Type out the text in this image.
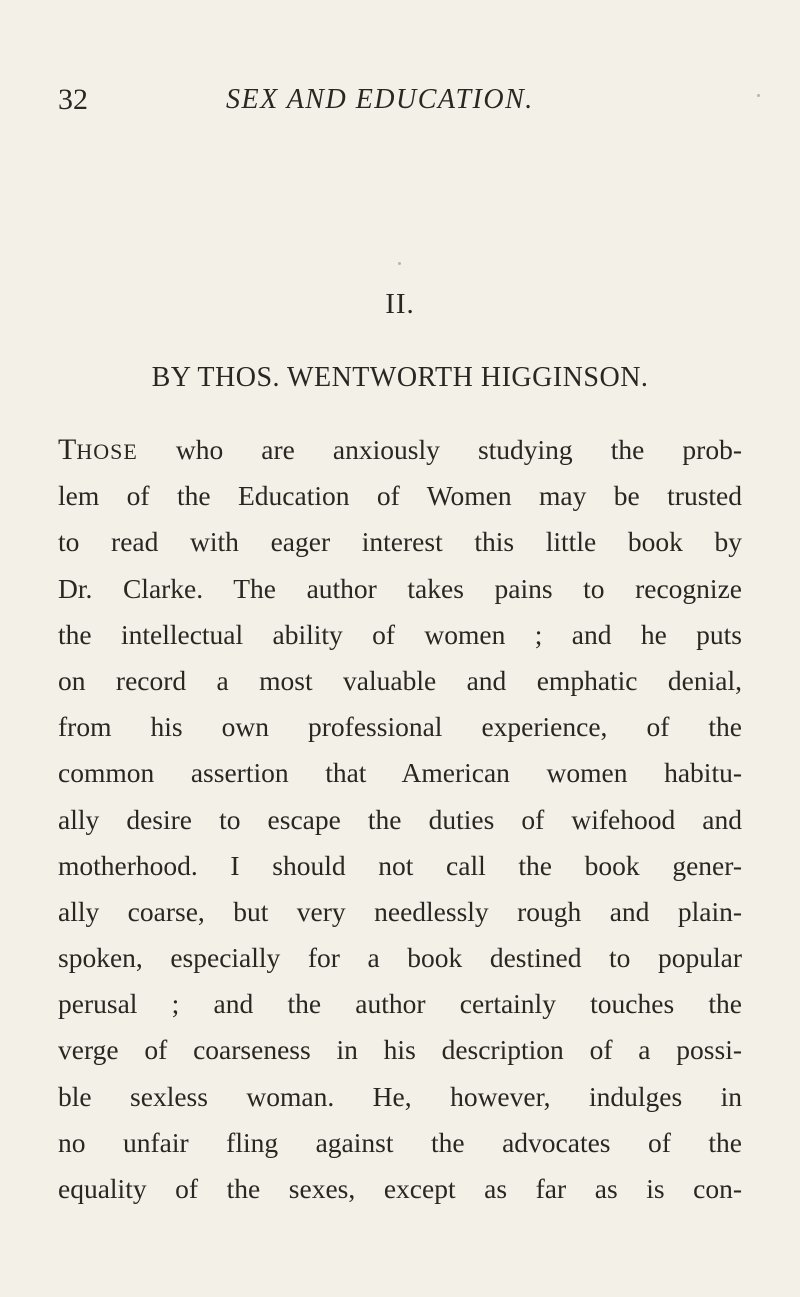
32	SEX AND EDUCATION.
II.
BY THOS. WENTWORTH HIGGINSON.
THOSE who are anxiously studying the prob-
lem of the Education of Women may be trusted
to read with eager interest this little book by
Dr. Clarke. The author takes pains to recognize
the intellectual ability of women ; and he puts
on record a most valuable and emphatic denial,
from his own professional experience, of the
common assertion that American women habitu-
ally desire to escape the duties of wifehood and
motherhood. I should not call the book gener-
ally coarse, but very needlessly rough and plain-
spoken, especially for a book destined to popular
perusal ; and the author certainly touches the
verge of coarseness in his description of a possi-
ble sexless woman. He, however, indulges in
no unfair fling against the advocates of the
equality of the sexes, except as far as is con-
